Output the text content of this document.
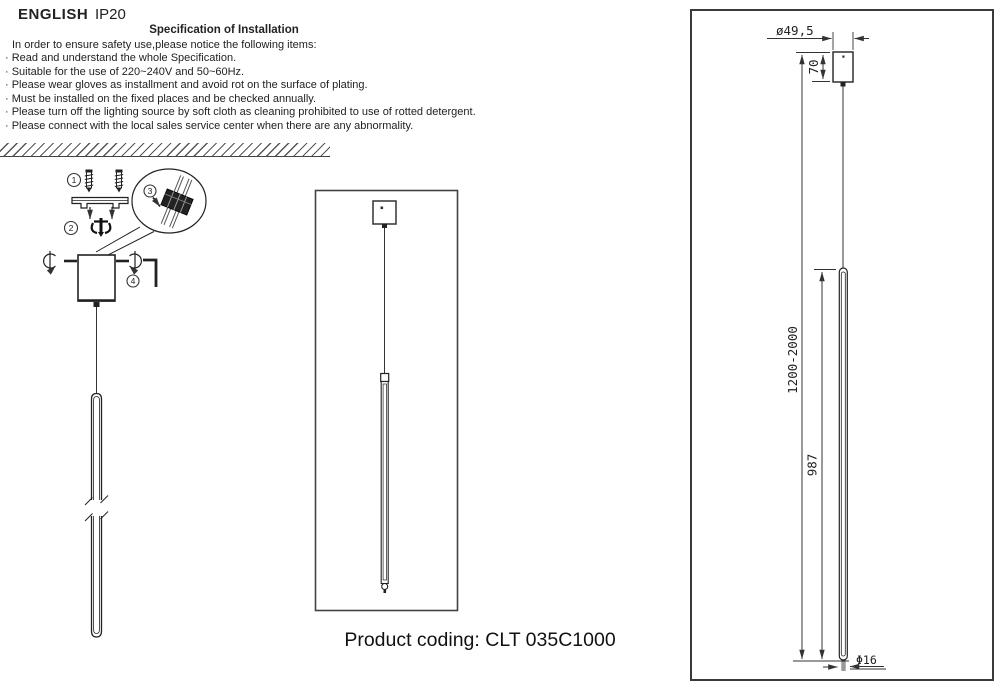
ENGLISH IP20
Specification of Installation
In order to ensure safety use,please notice the following items:
· Read and understand the whole Specification.
· Suitable for the use of 220~240V and 50~60Hz.
· Please wear gloves as installment and avoid rot on the surface of plating.
· Must be installed on the fixed places and be checked annually.
· Please turn off the lighting source by soft cloth as cleaning prohibited to use of rotted detergent.
· Please connect with the local sales service center when there are any abnormality.
1
2
3
4
ø49,5
70
1200-2000
987
Φ16
Product coding: CLT 035C1000
